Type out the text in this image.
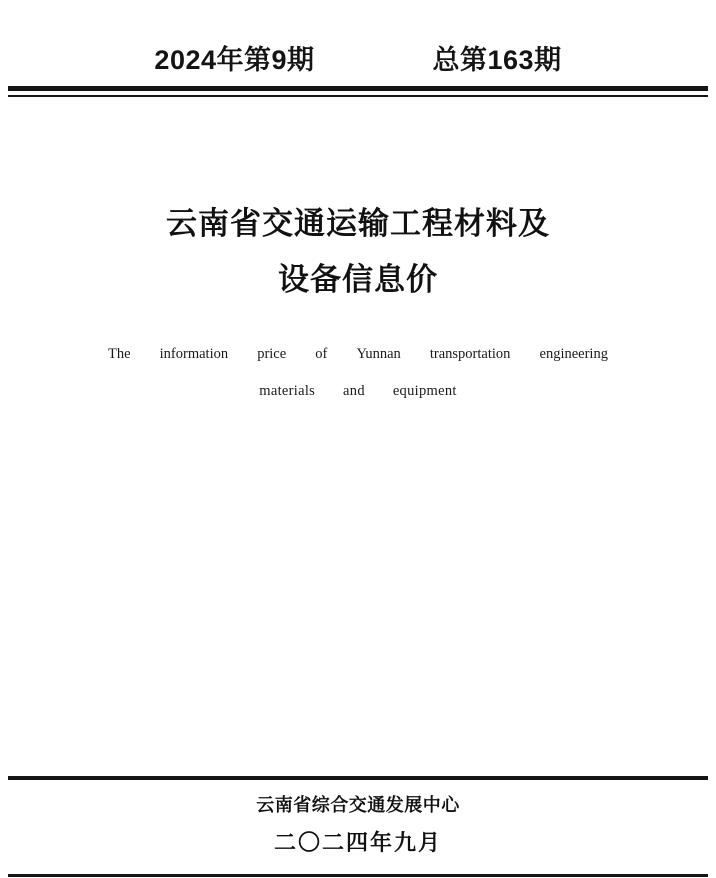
2024年第9期	总第163期
云南省交通运输工程材料及
设备信息价
The information price of Yunnan transportation engineering
materials and equipment
云南省综合交通发展中心
二〇二四年九月
